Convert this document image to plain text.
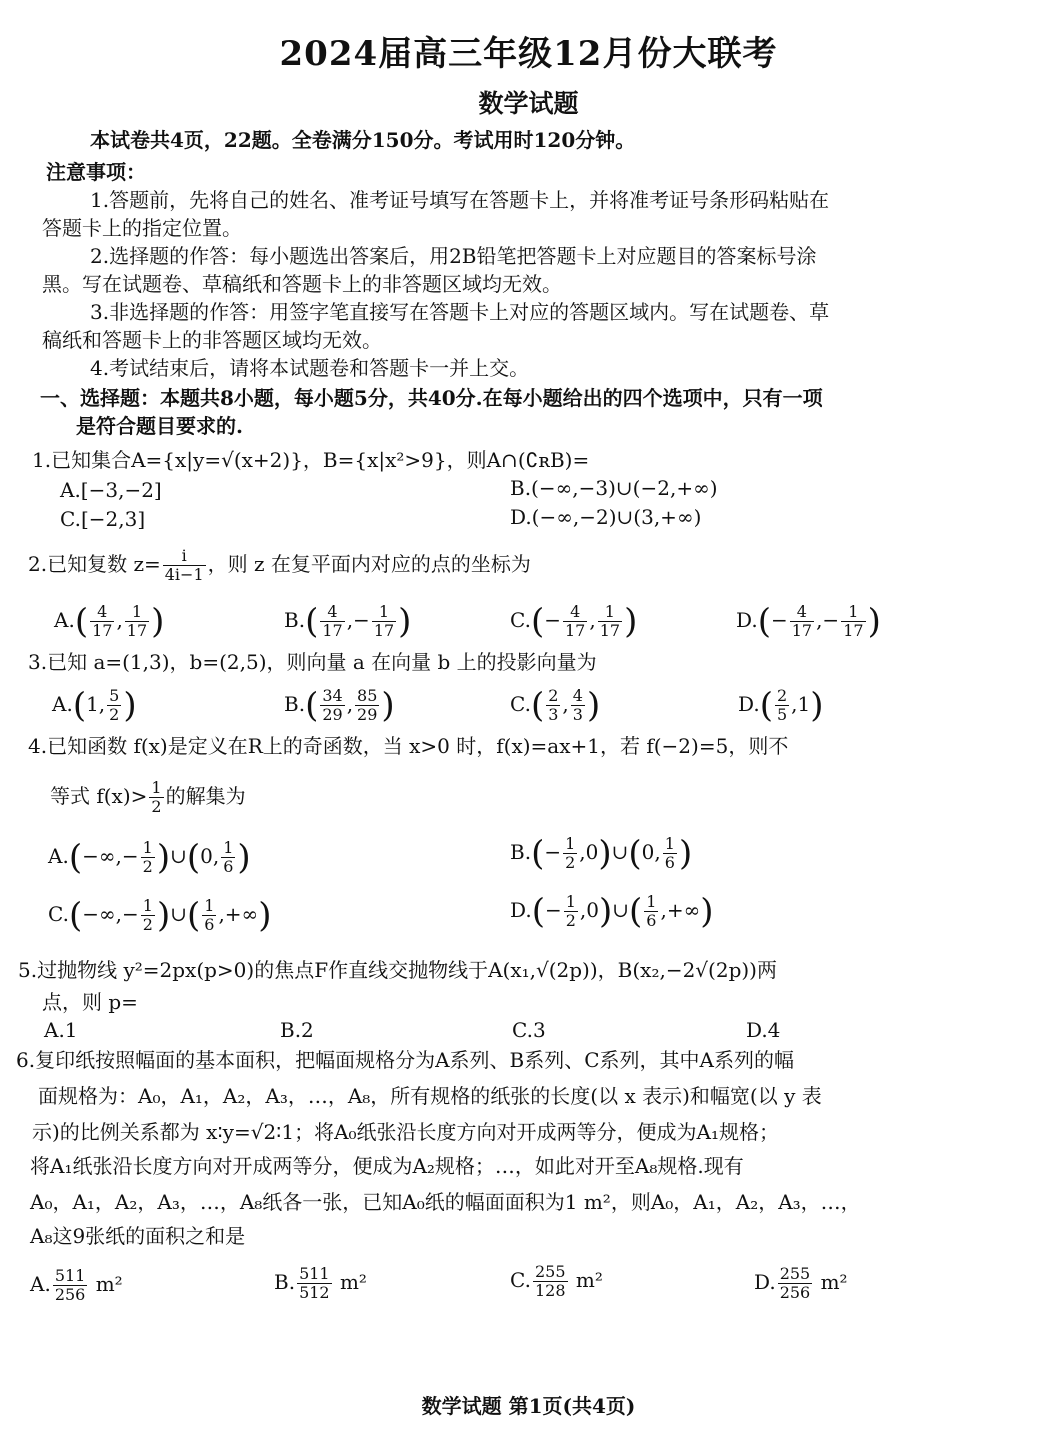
2024届高三年级12月份大联考
数学试题
本试卷共4页，22题。全卷满分150分。考试用时120分钟。
注意事项：
1.答题前，先将自己的姓名、准考证号填写在答题卡上，并将准考证号条形码粘贴在
答题卡上的指定位置。
2.选择题的作答：每小题选出答案后，用2B铅笔把答题卡上对应题目的答案标号涂
黑。写在试题卷、草稿纸和答题卡上的非答题区域均无效。
3.非选择题的作答：用签字笔直接写在答题卡上对应的答题区域内。写在试题卷、草
稿纸和答题卡上的非答题区域均无效。
4.考试结束后，请将本试题卷和答题卡一并上交。
一、选择题：本题共8小题，每小题5分，共40分.在每小题给出的四个选项中，只有一项
是符合题目要求的.
1.已知集合A={x|y=√(x+2)}，B={x|x²>9}，则A∩(∁ʀB)=
A.[−3,−2]	B.(−∞,−3)∪(−2,+∞)
C.[−2,3]	D.(−∞,−2)∪(3,+∞)
2.已知复数 $z= \frac{i}{4i-1}$ ，则 z 在复平面内对应的点的坐标为
$A.( \frac{4}{17}$ , $\frac{1}{17}$ )	$B.( \frac{4}{17}$ ,− $\frac{1}{17}$ )	$C.(- \frac{4}{17}$ , $\frac{1}{17}$ )	$D.(- \frac{4}{17}$ ,− $\frac{1}{17}$ )
3.已知 a=(1,3)，b=(2,5)，则向量 a 在向量 b 上的投影向量为
A.(1, $\frac{5}{2}$ )	$B.( \frac{34}{29}$ , $\frac{85}{29}$ )	$C.( \frac{2}{3}$ , $\frac{4}{3}$ )	$D.( \frac{2}{5} ,1)$
4.已知函数 f(x)是定义在R上的奇函数，当 x>0 时，f(x)=ax+1，若 f(−2)=5，则不
等式 $f(x)> \frac{1}{2}$ 的解集为
$A.(-\infty,- \frac{1}{2}$ )∪(0, $\frac{1}{6}$ )	$B.(- \frac{1}{2}$ ,0)∪(0, $\frac{1}{6}$ )
$C.(-\infty,- \frac{1}{2}$ )∪( $\frac{1}{6}$ ,+∞)	$D.(- \frac{1}{2}$ ,0)∪( $\frac{1}{6}$ ,+∞)
5.过抛物线 y²=2px(p>0)的焦点F作直线交抛物线于A(x₁,√(2p))，B(x₂,−2√(2p))两
点，则 p=
A.1	B.2	C.3	D.4
6.复印纸按照幅面的基本面积，把幅面规格分为A系列、B系列、C系列，其中A系列的幅
面规格为：A₀，A₁，A₂，A₃，…，A₈，所有规格的纸张的长度(以 x 表示)和幅宽(以 y 表
示)的比例关系都为 x∶y=√2∶1；将A₀纸张沿长度方向对开成两等分，便成为A₁规格；
将A₁纸张沿长度方向对开成两等分，便成为A₂规格；…，如此对开至A₈规格.现有
A₀，A₁，A₂，A₃，…，A₈纸各一张，已知A₀纸的幅面面积为1 m²，则A₀，A₁，A₂，A₃，…，
A₈这9张纸的面积之和是
A. $\frac{511}{256} m^2$	B. $\frac{511}{512} m^2$	C. $\frac{255}{128} m^2$	D. $\frac{255}{256} m^2$
数学试题 第1页(共4页)
